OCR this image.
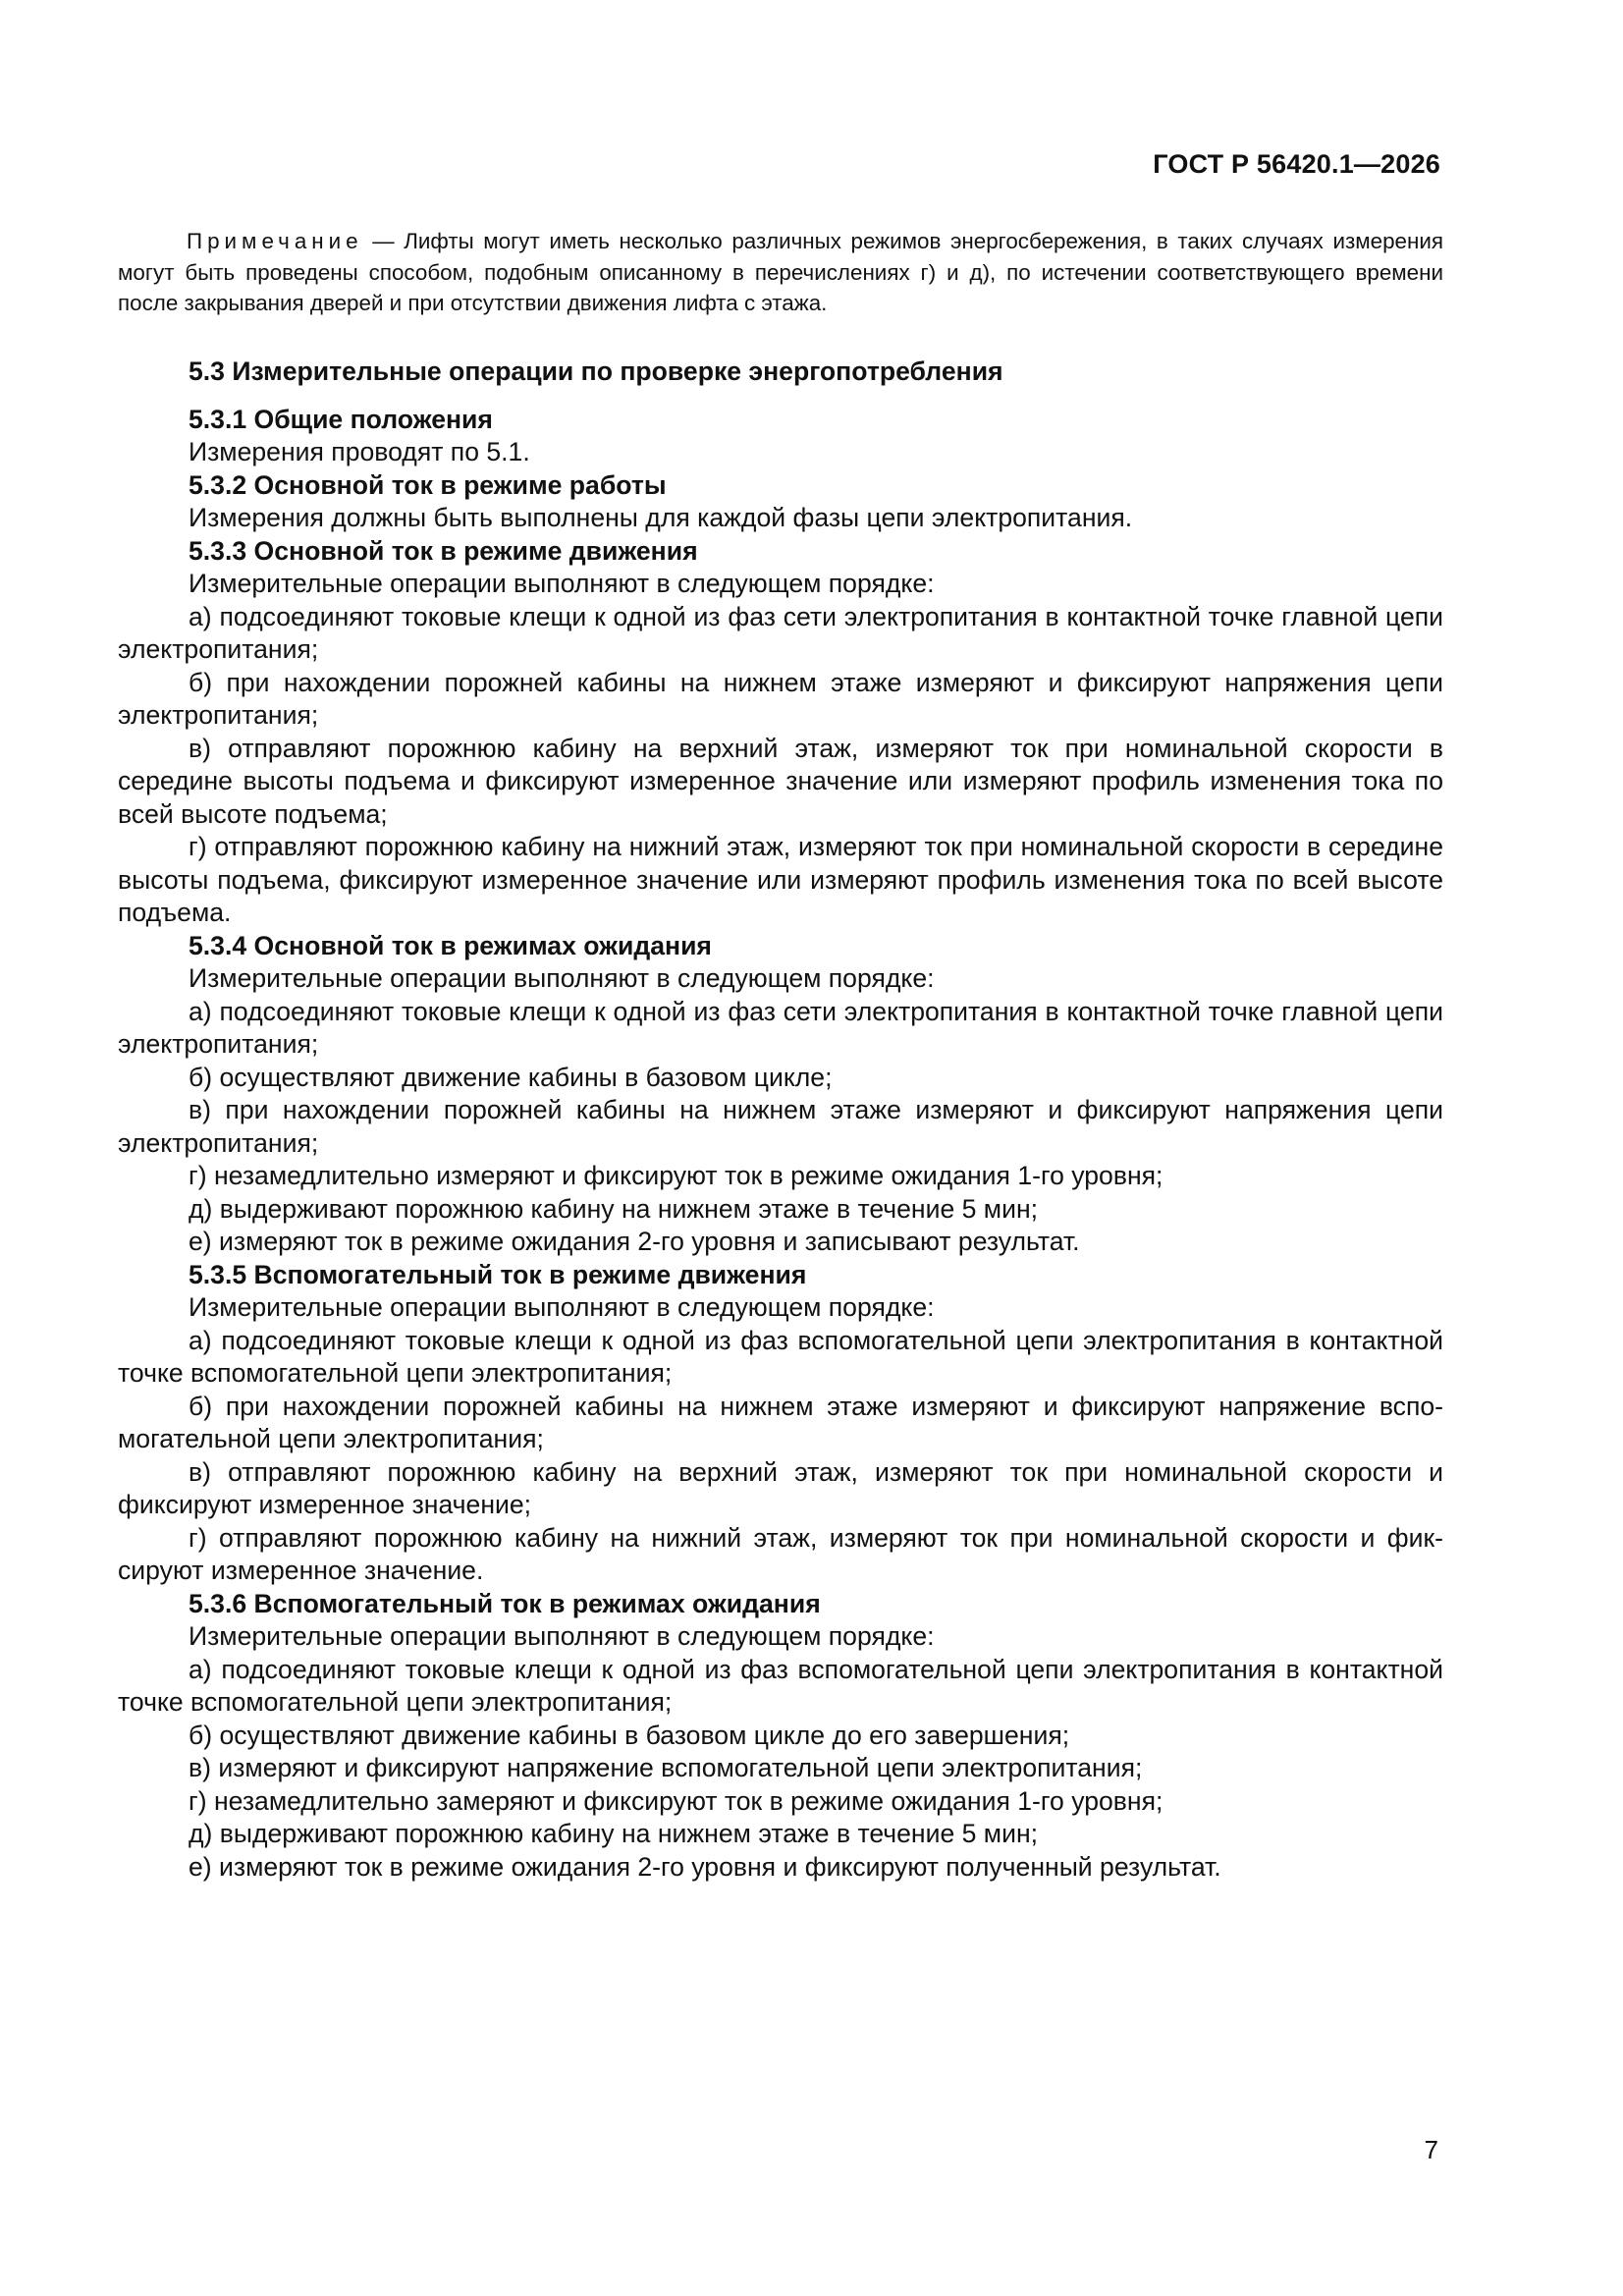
ГОСТ Р 56420.1—2026
Примечание — Лифты могут иметь несколько различных режимов энергосбережения, в таких случаях измерения могут быть проведены способом, подобным описанному в перечислениях г) и д), по истечении соответствующего времени после закрывания дверей и при отсутствии движения лифта с этажа.

5.3 Измерительные операции по проверке энергопотребления

5.3.1 Общие положения

Измерения проводят по 5.1.

5.3.2 Основной ток в режиме работы

Измерения должны быть выполнены для каждой фазы цепи электропитания.

5.3.3 Основной ток в режиме движения

Измерительные операции выполняют в следующем порядке:

а) подсоединяют токовые клещи к одной из фаз сети электропитания в контактной точке главной цепи электропитания;

б) при нахождении порожней кабины на нижнем этаже измеряют и фиксируют напряжения цепи электропитания;

в) отправляют порожнюю кабину на верхний этаж, измеряют ток при номинальной скорости в середине высоты подъема и фиксируют измеренное значение или измеряют профиль изменения тока по всей высоте подъема;

г) отправляют порожнюю кабину на нижний этаж, измеряют ток при номинальной скорости в середине высоты подъема, фиксируют измеренное значение или измеряют профиль изменения тока по всей высоте подъема.

5.3.4 Основной ток в режимах ожидания

Измерительные операции выполняют в следующем порядке:

а) подсоединяют токовые клещи к одной из фаз сети электропитания в контактной точке главной цепи электропитания;

б) осуществляют движение кабины в базовом цикле;

в) при нахождении порожней кабины на нижнем этаже измеряют и фиксируют напряжения цепи электропитания;

г) незамедлительно измеряют и фиксируют ток в режиме ожидания 1-го уровня;

д) выдерживают порожнюю кабину на нижнем этаже в течение 5 мин;

е) измеряют ток в режиме ожидания 2-го уровня и записывают результат.

5.3.5 Вспомогательный ток в режиме движения

Измерительные операции выполняют в следующем порядке:

а) подсоединяют токовые клещи к одной из фаз вспомогательной цепи электропитания в контактной точке вспомогательной цепи электропитания;

б) при нахождении порожней кабины на нижнем этаже измеряют и фиксируют напряжение вспомогательной цепи электропитания;

в) отправляют порожнюю кабину на верхний этаж, измеряют ток при номинальной скорости и фиксируют измеренное значение;

г) отправляют порожнюю кабину на нижний этаж, измеряют ток при номинальной скорости и фиксируют измеренное значение.

5.3.6 Вспомогательный ток в режимах ожидания

Измерительные операции выполняют в следующем порядке:

а) подсоединяют токовые клещи к одной из фаз вспомогательной цепи электропитания в контактной точке вспомогательной цепи электропитания;

б) осуществляют движение кабины в базовом цикле до его завершения;

в) измеряют и фиксируют напряжение вспомогательной цепи электропитания;

г) незамедлительно замеряют и фиксируют ток в режиме ожидания 1-го уровня;

д) выдерживают порожнюю кабину на нижнем этаже в течение 5 мин;

е) измеряют ток в режиме ожидания 2-го уровня и фиксируют полученный результат.

7
